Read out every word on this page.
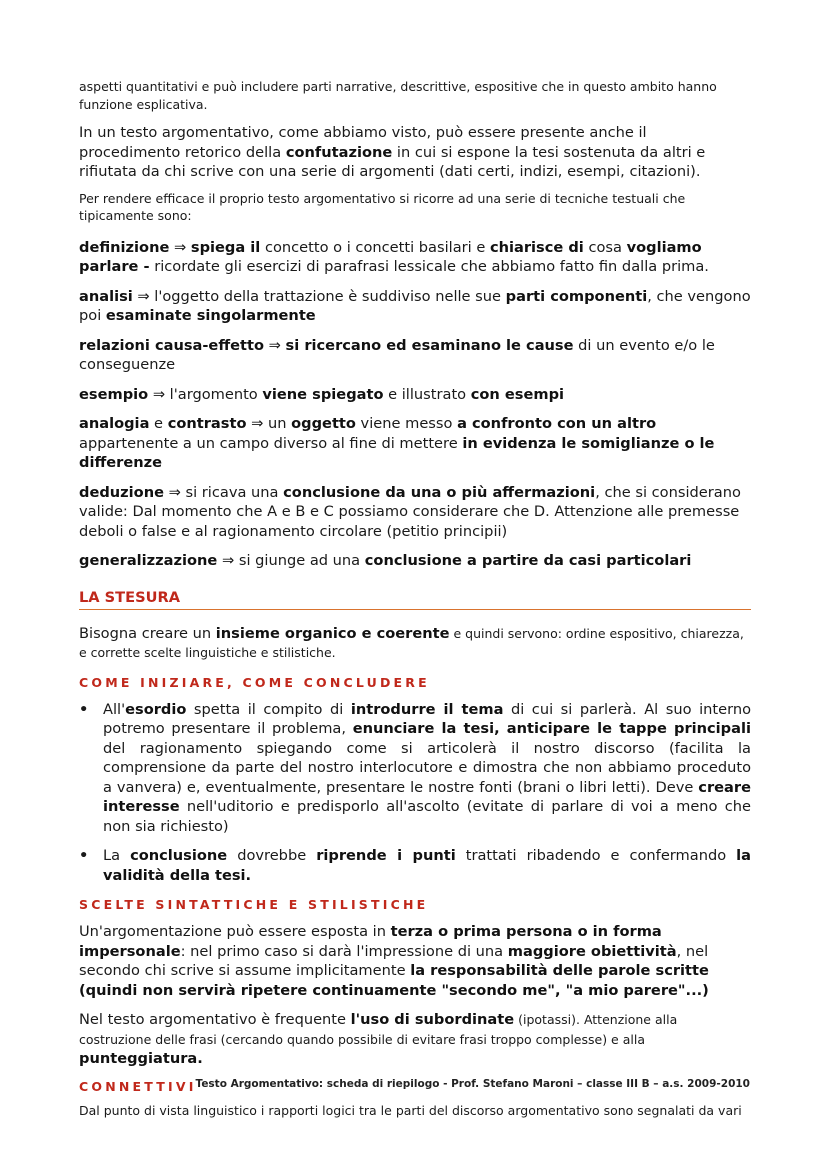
aspetti quantitativi e può includere parti narrative, descrittive, espositive che in questo ambito hanno funzione esplicativa.

In un testo argomentativo, come abbiamo visto, può essere presente anche il procedimento retorico della confutazione in cui si espone la tesi sostenuta da altri e rifiutata da chi scrive con una serie di argomenti (dati certi, indizi, esempi, citazioni).

Per rendere efficace il proprio testo argomentativo si ricorre ad una serie di tecniche testuali che tipicamente sono:

definizione ⇒ spiega il concetto o i concetti basilari e chiarisce di cosa vogliamo parlare - ricordate gli esercizi di parafrasi lessicale che abbiamo fatto fin dalla prima.

analisi ⇒ l'oggetto della trattazione è suddiviso nelle sue parti componenti, che vengono poi esaminate singolarmente

relazioni causa-effetto ⇒ si ricercano ed esaminano le cause di un evento e/o le conseguenze

esempio ⇒ l'argomento viene spiegato e illustrato con esempi

analogia e contrasto ⇒ un oggetto viene messo a confronto con un altro appartenente a un campo diverso al fine di mettere in evidenza le somiglianze o le differenze

deduzione ⇒ si ricava una conclusione da una o più affermazioni, che si considerano valide: Dal momento che A e B e C possiamo considerare che D. Attenzione alle premesse deboli o false e al ragionamento circolare (petitio principii)

generalizzazione ⇒ si giunge ad una conclusione a partire da casi particolari

LA STESURA

Bisogna creare un insieme organico e coerente e quindi servono: ordine espositivo, chiarezza, e corrette scelte linguistiche e stilistiche.

COME INIZIARE, COME CONCLUDERE
• All'esordio spetta il compito di introdurre il tema di cui si parlerà. Al suo interno potremo presentare il problema, enunciare la tesi, anticipare le tappe principali del ragionamento spiegando come si articolerà il nostro discorso (facilita la comprensione da parte del nostro interlocutore e dimostra che non abbiamo proceduto a vanvera) e, eventualmente, presentare le nostre fonti (brani o libri letti). Deve creare interesse nell'uditorio e predisporlo all'ascolto (evitate di parlare di voi a meno che non sia richiesto)
• La conclusione dovrebbe riprende i punti trattati ribadendo e confermando la validità della tesi.
SCELTE SINTATTICHE E STILISTICHE

Un'argomentazione può essere esposta in terza o prima persona o in forma impersonale: nel primo caso si darà l'impressione di una maggiore obiettività, nel secondo chi scrive si assume implicitamente la responsabilità delle parole scritte (quindi non servirà ripetere continuamente "secondo me", "a mio parere"...)

Nel testo argomentativo è frequente l'uso di subordinate (ipotassi). Attenzione alla costruzione delle frasi (cercando quando possibile di evitare frasi troppo complesse) e alla punteggiatura.

CONNETTIVI

Dal punto di vista linguistico i rapporti logici tra le parti del discorso argomentativo sono segnalati da vari

Testo Argomentativo: scheda di riepilogo - Prof. Stefano Maroni – classe III B – a.s. 2009-2010
